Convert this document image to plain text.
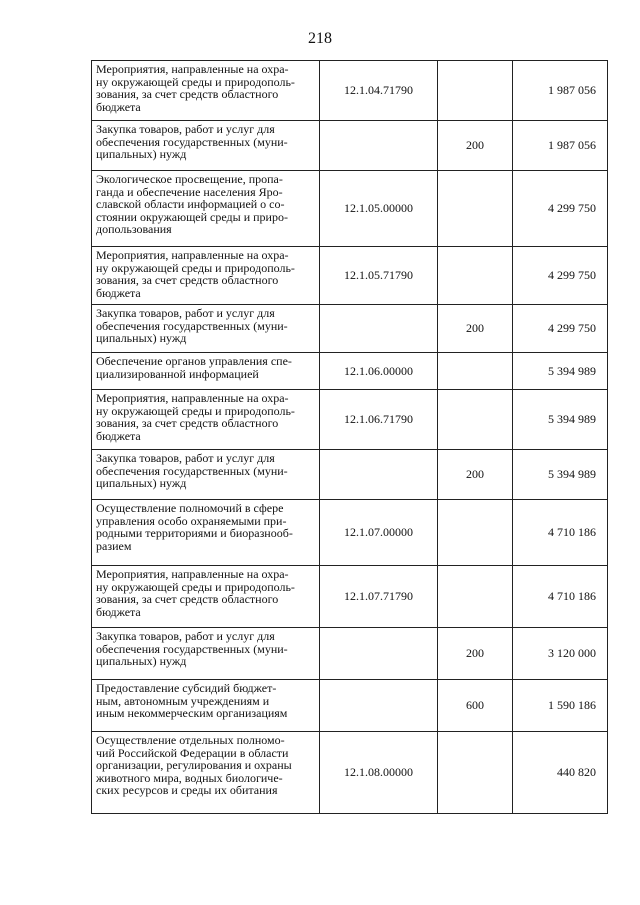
218
Мероприятия, направленные на охра-
ну окружающей среды и природополь-
зования, за счет средств областного
бюджета	12.1.04.71790		1 987 056

Закупка товаров, работ и услуг для
обеспечения государственных (муни-
ципальных) нужд		200	1 987 056

Экологическое просвещение, пропа-
ганда и обеспечение населения Яро-
славской области информацией о со-
стоянии окружающей среды и приро-
допользования	12.1.05.00000		4 299 750

Мероприятия, направленные на охра-
ну окружающей среды и природополь-
зования, за счет средств областного
бюджета	12.1.05.71790		4 299 750

Закупка товаров, работ и услуг для
обеспечения государственных (муни-
ципальных) нужд		200	4 299 750

Обеспечение органов управления спе-
циализированной информацией	12.1.06.00000		5 394 989

Мероприятия, направленные на охра-
ну окружающей среды и природополь-
зования, за счет средств областного
бюджета	12.1.06.71790		5 394 989

Закупка товаров, работ и услуг для
обеспечения государственных (муни-
ципальных) нужд		200	5 394 989

Осуществление полномочий в сфере
управления особо охраняемыми при-
родными территориями и биоразнооб-
разием	12.1.07.00000		4 710 186

Мероприятия, направленные на охра-
ну окружающей среды и природополь-
зования, за счет средств областного
бюджета	12.1.07.71790		4 710 186

Закупка товаров, работ и услуг для
обеспечения государственных (муни-
ципальных) нужд		200	3 120 000

Предоставление субсидий бюджет-
ным, автономным учреждениям и
иным некоммерческим организациям		600	1 590 186

Осуществление отдельных полномо-
чий Российской Федерации в области
организации, регулирования и охраны
животного мира, водных биологиче-
ских ресурсов и среды их обитания	12.1.08.00000		440 820
